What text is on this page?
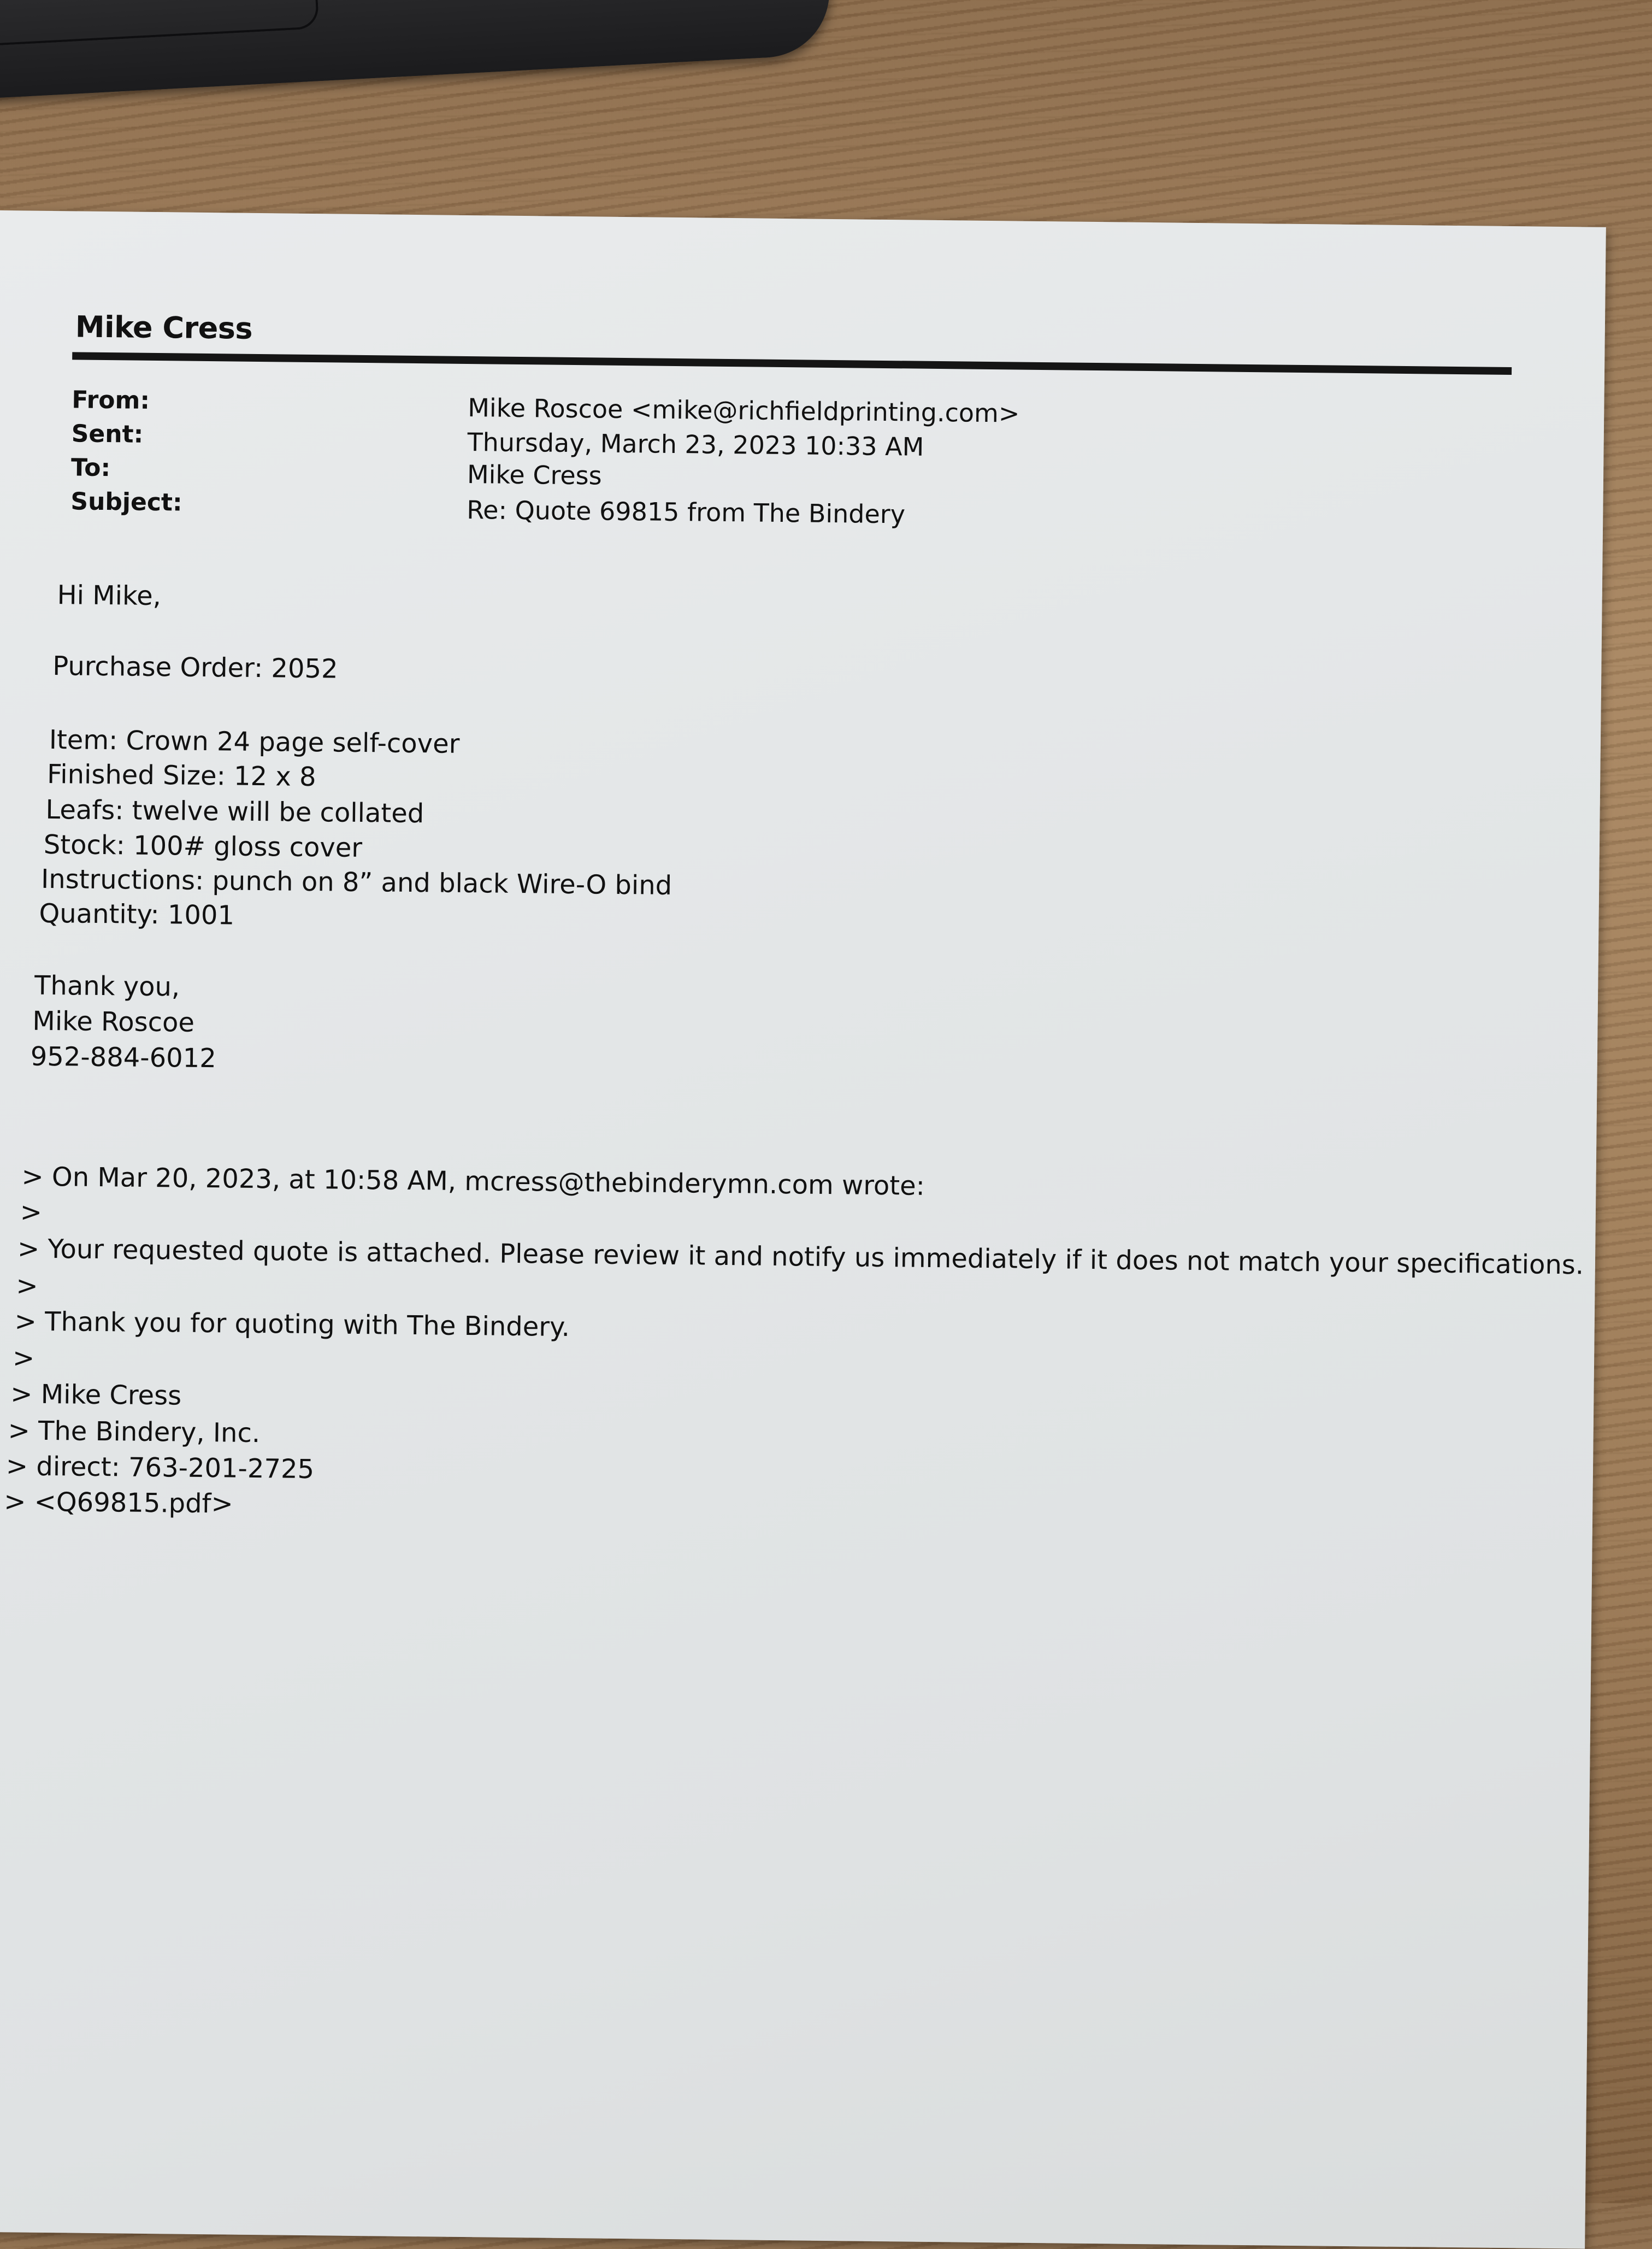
Mike Cress
From:	Mike Roscoe <mike@richfieldprinting.com>
Sent:	Thursday, March 23, 2023 10:33 AM
To:	Mike Cress
Subject:	Re: Quote 69815 from The Bindery
Hi Mike,
Purchase Order: 2052
Item: Crown 24 page self-cover
Finished Size: 12 x 8
Leafs: twelve will be collated
Stock: 100# gloss cover
Instructions: punch on 8” and black Wire-O bind
Quantity: 1001
Thank you,
Mike Roscoe
952-884-6012
> On Mar 20, 2023, at 10:58 AM, mcress@thebinderymn.com wrote:
>
> Your requested quote is attached. Please review it and notify us immediately if it does not match your specifications.
>
> Thank you for quoting with The Bindery.
>
> Mike Cress
> The Bindery, Inc.
> direct: 763-201-2725
> <Q69815.pdf>
